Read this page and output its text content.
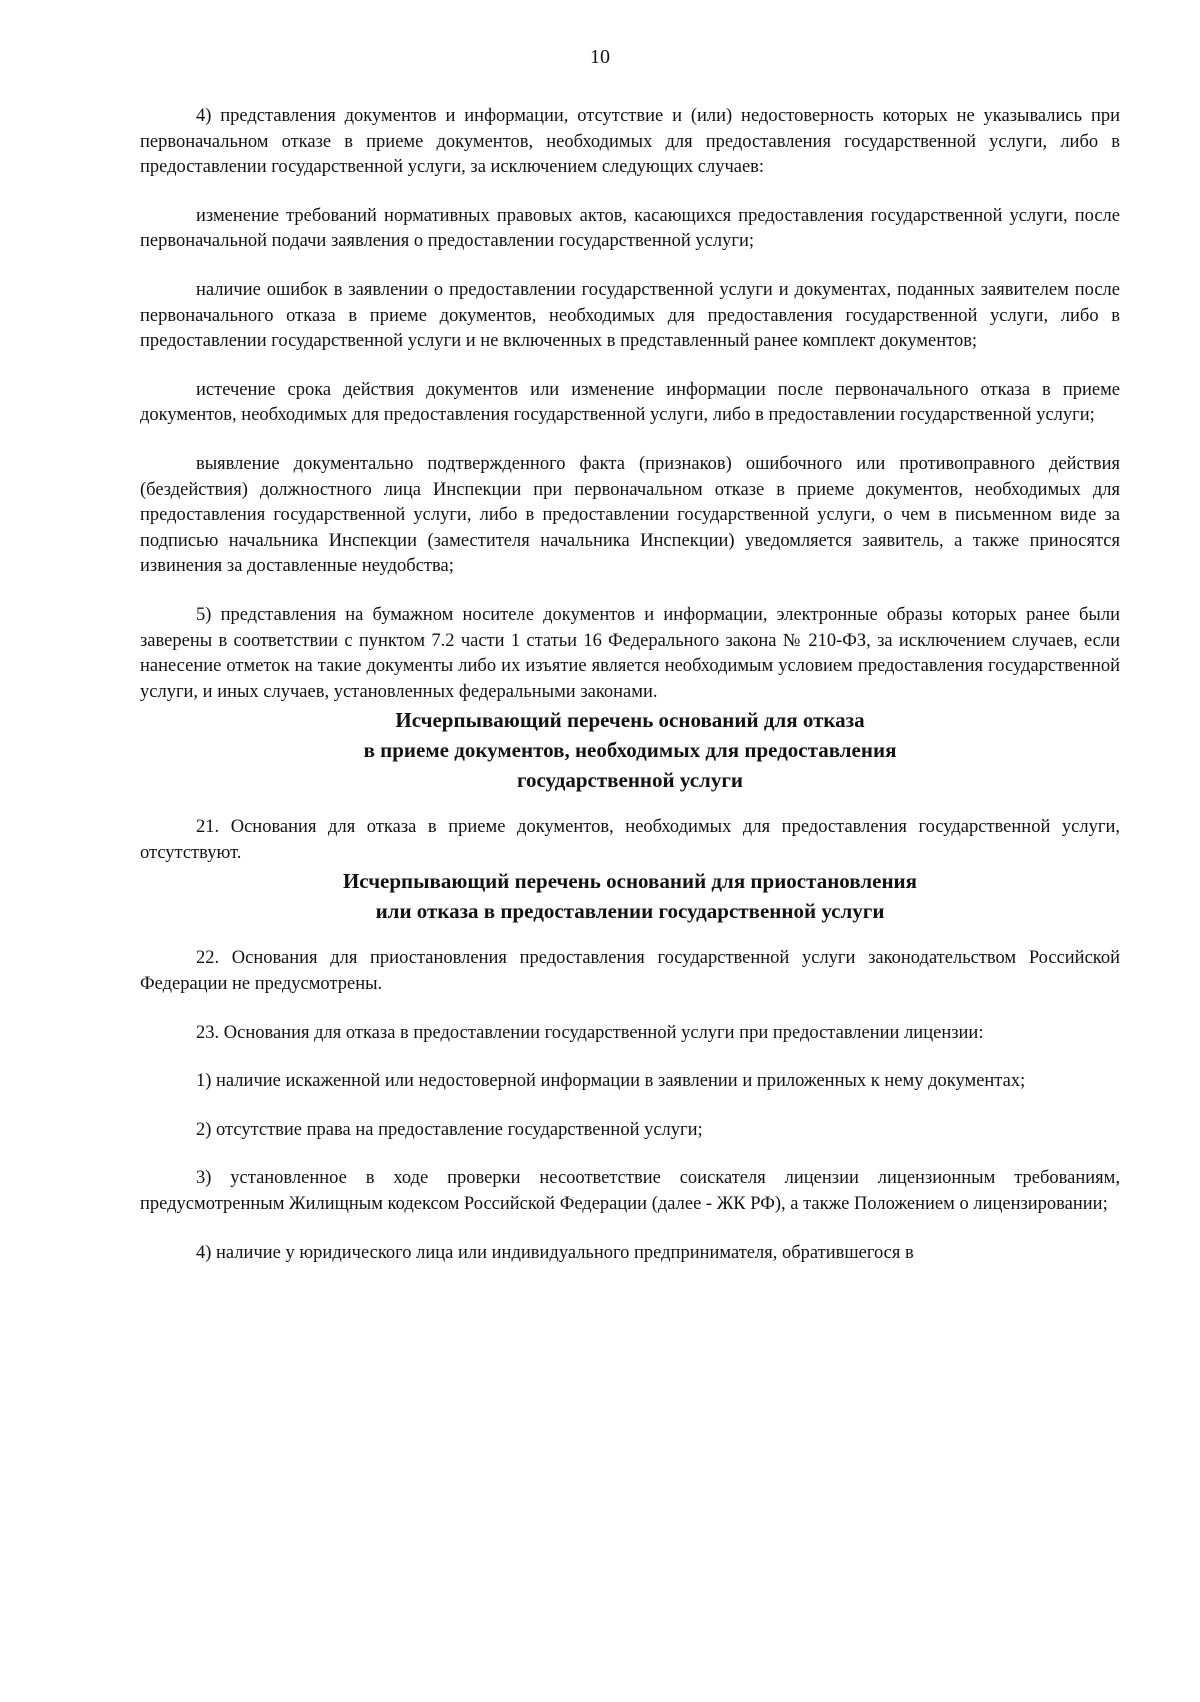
10

4) представления документов и информации, отсутствие и (или) недостоверность которых не указывались при первоначальном отказе в приеме документов, необходимых для предоставления государственной услуги, либо в предоставлении государственной услуги, за исключением следующих случаев:

изменение требований нормативных правовых актов, касающихся предоставления государственной услуги, после первоначальной подачи заявления о предоставлении государственной услуги;

наличие ошибок в заявлении о предоставлении государственной услуги и документах, поданных заявителем после первоначального отказа в приеме документов, необходимых для предоставления государственной услуги, либо в предоставлении государственной услуги и не включенных в представленный ранее комплект документов;

истечение срока действия документов или изменение информации после первоначального отказа в приеме документов, необходимых для предоставления государственной услуги, либо в предоставлении государственной услуги;

выявление документально подтвержденного факта (признаков) ошибочного или противоправного действия (бездействия) должностного лица Инспекции при первоначальном отказе в приеме документов, необходимых для предоставления государственной услуги, либо в предоставлении государственной услуги, о чем в письменном виде за подписью начальника Инспекции (заместителя начальника Инспекции) уведомляется заявитель, а также приносятся извинения за доставленные неудобства;

5) представления на бумажном носителе документов и информации, электронные образы которых ранее были заверены в соответствии с пунктом 7.2 части 1 статьи 16 Федерального закона № 210-ФЗ, за исключением случаев, если нанесение отметок на такие документы либо их изъятие является необходимым условием предоставления государственной услуги, и иных случаев, установленных федеральными законами.

Исчерпывающий перечень оснований для отказа
в приеме документов, необходимых для предоставления
государственной услуги

21. Основания для отказа в приеме документов, необходимых для предоставления государственной услуги, отсутствуют.

Исчерпывающий перечень оснований для приостановления
или отказа в предоставлении государственной услуги

22. Основания для приостановления предоставления государственной услуги законодательством Российской Федерации не предусмотрены.

23. Основания для отказа в предоставлении государственной услуги при предоставлении лицензии:

1) наличие искаженной или недостоверной информации в заявлении и приложенных к нему документах;

2) отсутствие права на предоставление государственной услуги;

3) установленное в ходе проверки несоответствие соискателя лицензии лицензионным требованиям, предусмотренным Жилищным кодексом Российской Федерации (далее - ЖК РФ), а также Положением о лицензировании;

4) наличие у юридического лица или индивидуального предпринимателя, обратившегося в
